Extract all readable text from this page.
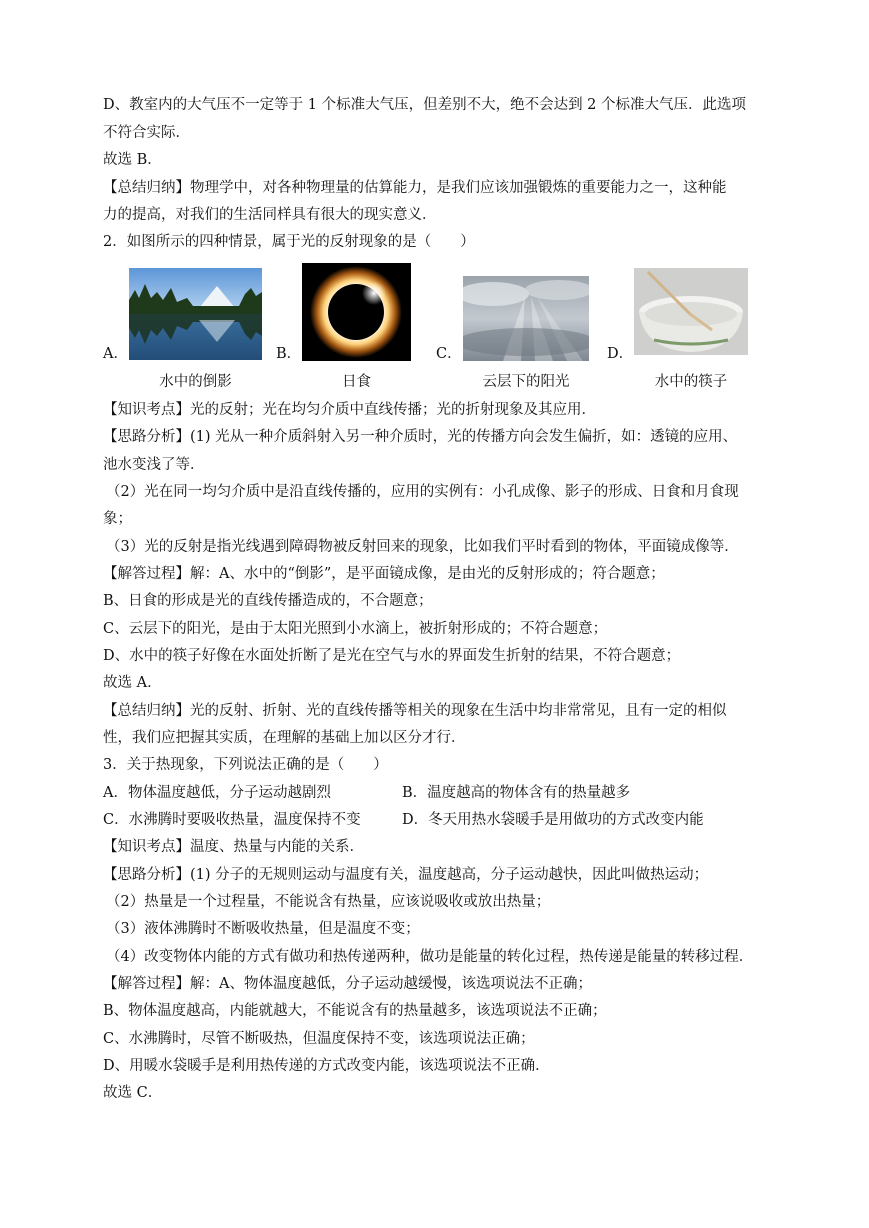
D、教室内的大气压不一定等于 1 个标准大气压，但差别不大，绝不会达到 2 个标准大气压．此选项
不符合实际．
故选 B．
【总结归纳】物理学中，对各种物理量的估算能力，是我们应该加强锻炼的重要能力之一，这种能
力的提高，对我们的生活同样具有很大的现实意义．
2．如图所示的四种情景，属于光的反射现象的是（　　）
A．
水中的倒影
B．
日食
C．
云层下的阳光
D．
水中的筷子
【知识考点】光的反射；光在均匀介质中直线传播；光的折射现象及其应用．
【思路分析】(1) 光从一种介质斜射入另一种介质时，光的传播方向会发生偏折，如：透镜的应用、
池水变浅了等．
（2）光在同一均匀介质中是沿直线传播的，应用的实例有：小孔成像、影子的形成、日食和月食现
象；
（3）光的反射是指光线遇到障碍物被反射回来的现象，比如我们平时看到的物体，平面镜成像等．
【解答过程】解：A、水中的“倒影”，是平面镜成像，是由光的反射形成的；符合题意；
B、日食的形成是光的直线传播造成的，不合题意；
C、云层下的阳光，是由于太阳光照到小水滴上，被折射形成的；不符合题意；
D、水中的筷子好像在水面处折断了是光在空气与水的界面发生折射的结果，不符合题意；
故选 A．
【总结归纳】光的反射、折射、光的直线传播等相关的现象在生活中均非常常见，且有一定的相似
性，我们应把握其实质，在理解的基础上加以区分才行．
3．关于热现象，下列说法正确的是（　　）
A．物体温度越低，分子运动越剧烈	B．温度越高的物体含有的热量越多
C．水沸腾时要吸收热量，温度保持不变	D．冬天用热水袋暖手是用做功的方式改变内能
【知识考点】温度、热量与内能的关系．
【思路分析】(1) 分子的无规则运动与温度有关，温度越高，分子运动越快，因此叫做热运动；
（2）热量是一个过程量，不能说含有热量，应该说吸收或放出热量；
（3）液体沸腾时不断吸收热量，但是温度不变；
（4）改变物体内能的方式有做功和热传递两种，做功是能量的转化过程，热传递是能量的转移过程．
【解答过程】解：A、物体温度越低，分子运动越缓慢，该选项说法不正确；
B、物体温度越高，内能就越大，不能说含有的热量越多，该选项说法不正确；
C、水沸腾时，尽管不断吸热，但温度保持不变，该选项说法正确；
D、用暖水袋暖手是利用热传递的方式改变内能，该选项说法不正确．
故选 C．
